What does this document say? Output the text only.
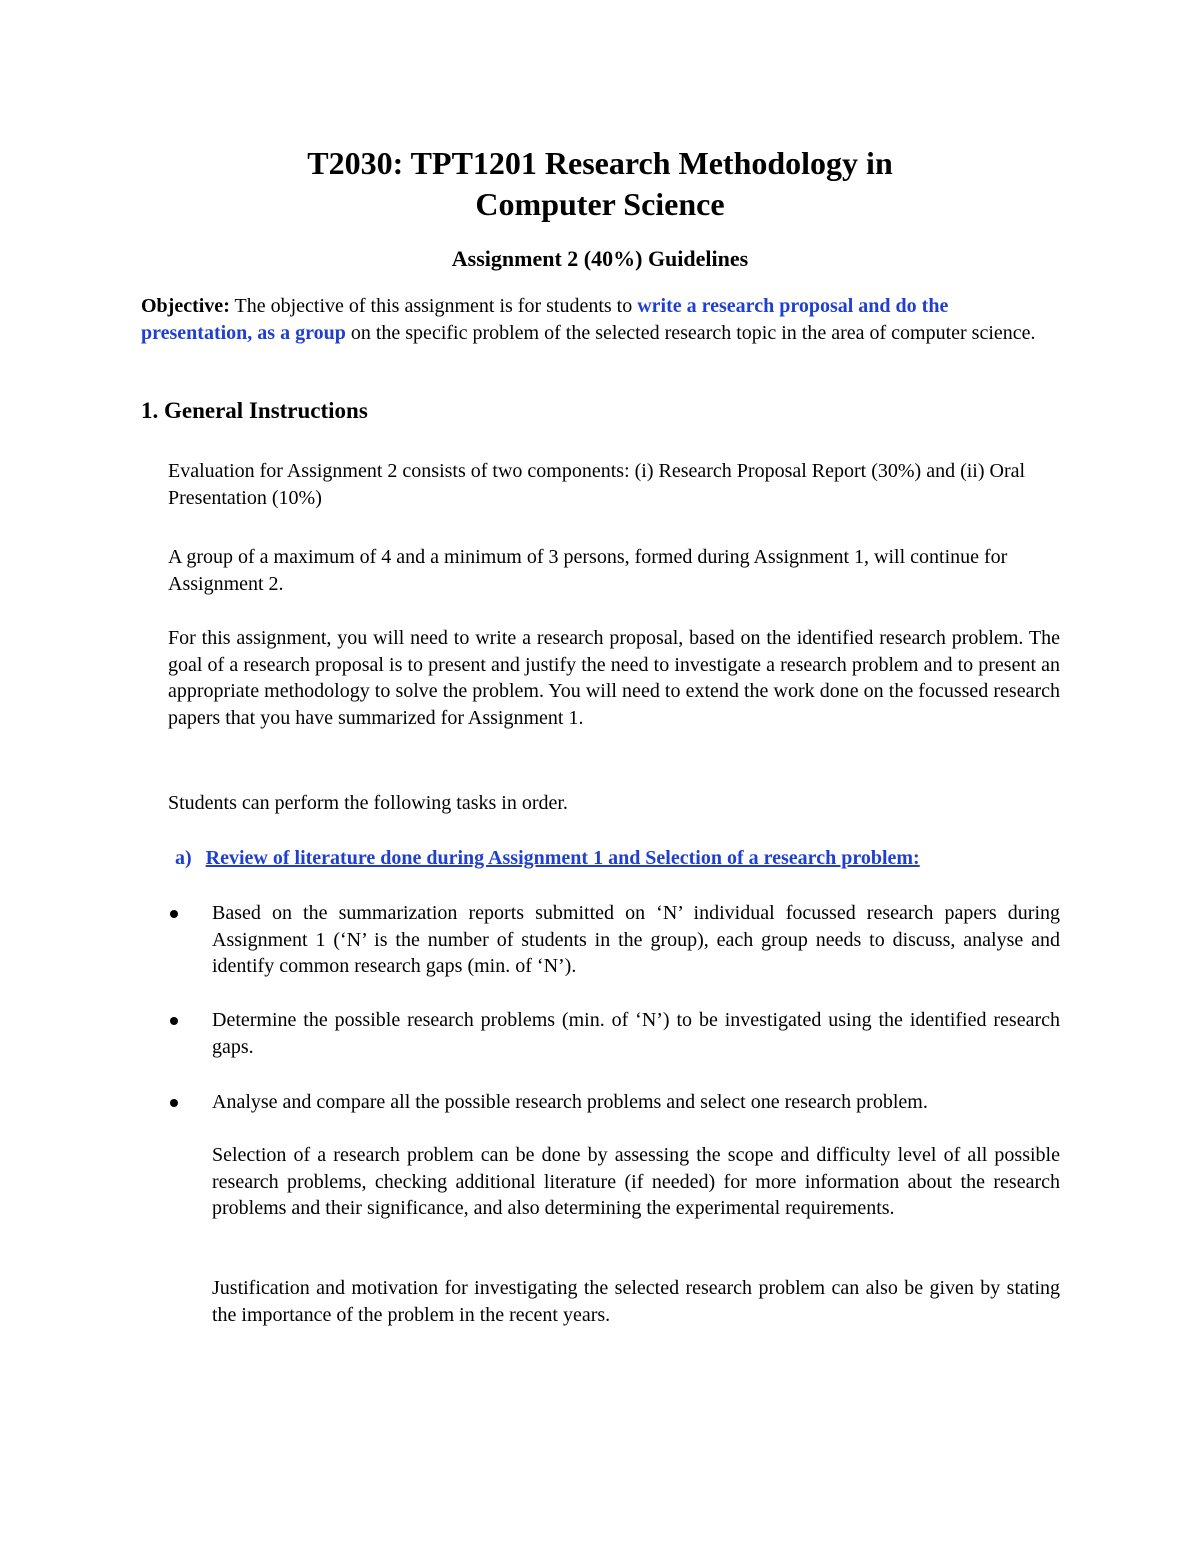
T2030: TPT1201 Research Methodology in
Computer Science
Assignment 2 (40%) Guidelines

Objective: The objective of this assignment is for students to write a research proposal and do the presentation, as a group on the specific problem of the selected research topic in the area of computer science.

1. General Instructions

Evaluation for Assignment 2 consists of two components: (i) Research Proposal Report (30%) and (ii) Oral Presentation (10%)

A group of a maximum of 4 and a minimum of 3 persons, formed during Assignment 1, will continue for Assignment 2.

For this assignment, you will need to write a research proposal, based on the identified research problem. The goal of a research proposal is to present and justify the need to investigate a research problem and to present an appropriate methodology to solve the problem. You will need to extend the work done on the focussed research papers that you have summarized for Assignment 1.

Students can perform the following tasks in order.

a) Review of literature done during Assignment 1 and Selection of a research problem:
Based on the summarization reports submitted on ‘N’ individual focussed research papers during Assignment 1 (‘N’ is the number of students in the group), each group needs to discuss, analyse and identify common research gaps (min. of ‘N’).
Determine the possible research problems (min. of ‘N’) to be investigated using the identified research gaps.
Analyse and compare all the possible research problems and select one research problem.

Selection of a research problem can be done by assessing the scope and difficulty level of all possible research problems, checking additional literature (if needed) for more information about the research problems and their significance, and also determining the experimental requirements.

Justification and motivation for investigating the selected research problem can also be given by stating the importance of the problem in the recent years.
